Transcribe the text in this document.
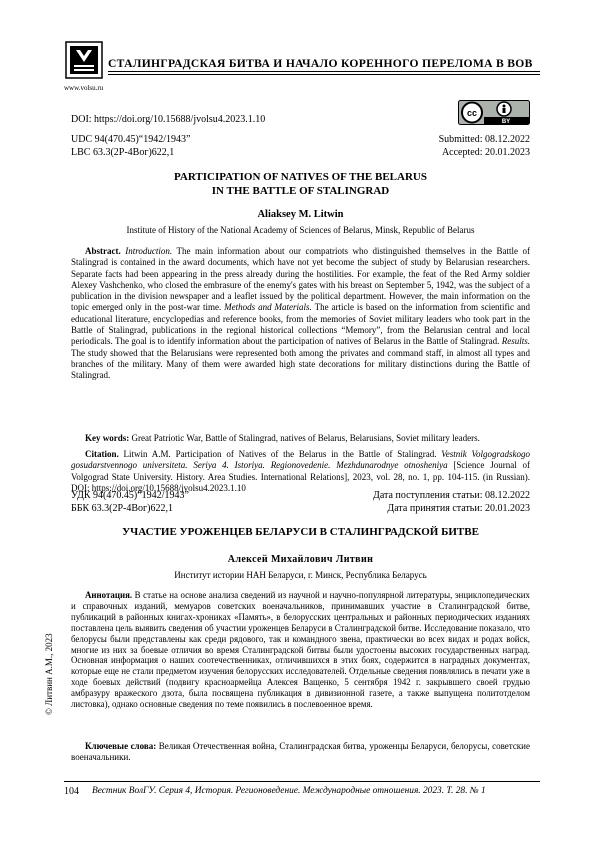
СТАЛИНГРАДСКАЯ БИТВА И НАЧАЛО КОРЕННОГО ПЕРЕЛОМА В ВОВ
www.volsu.ru
DOI: https://doi.org/10.15688/jvolsu4.2023.1.10
cc
BY
UDC 94(470.45)“1942/1943”
LBC 63.3(2Р-4Вог)622,1
Submitted: 08.12.2022
Accepted: 20.01.2023
PARTICIPATION OF NATIVES OF THE BELARUS
IN THE BATTLE OF STALINGRAD
Aliaksey M. Litwin
Institute of History of the National Academy of Sciences of Belarus, Minsk, Republic of Belarus
Abstract. Introduction. The main information about our compatriots who distinguished themselves in the Battle of Stalingrad is contained in the award documents, which have not yet become the subject of study by Belarusian researchers. Separate facts had been appearing in the press already during the hostilities. For example, the feat of the Red Army soldier Alexey Vashchenko, who closed the embrasure of the enemy's gates with his breast on September 5, 1942, was the subject of a publication in the division newspaper and a leaflet issued by the political department. However, the main information on the topic emerged only in the post-war time. Methods and Materials. The article is based on the information from scientific and educational literature, encyclopedias and reference books, from the memories of Soviet military leaders who took part in the Battle of Stalingrad, publications in the regional historical collections “Memory”, from the Belarusian central and local periodicals. The goal is to identify information about the participation of natives of Belarus in the Battle of Stalingrad. Results. The study showed that the Belarusians were represented both among the privates and command staff, in almost all types and branches of the military. Many of them were awarded high state decorations for military distinctions during the Battle of Stalingrad.
Key words: Great Patriotic War, Battle of Stalingrad, natives of Belarus, Belarusians, Soviet military leaders.
Citation. Litwin A.M. Participation of Natives of the Belarus in the Battle of Stalingrad. Vestnik Volgogradskogo gosudarstvennogo universiteta. Seriya 4. Istoriya. Regionovedenie. Mezhdunarodnye otnosheniya [Science Journal of Volgograd State University. History. Area Studies. International Relations], 2023, vol. 28, no. 1, pp. 104-115. (in Russian). DOI: https://doi.org/10.15688/jvolsu4.2023.1.10
УДК 94(470.45)“1942/1943”
ББК 63.3(2Р-4Вог)622,1
Дата поступления статьи: 08.12.2022
Дата принятия статьи: 20.01.2023
УЧАСТИЕ УРОЖЕНЦЕВ БЕЛАРУСИ В СТАЛИНГРАДСКОЙ БИТВЕ
Алексей Михайлович Литвин
Институт истории НАН Беларуси, г. Минск, Республика Беларусь
Аннотация. В статье на основе анализа сведений из научной и научно-популярной литературы, энциклопедических и справочных изданий, мемуаров советских военачальников, принимавших участие в Сталинградской битве, публикаций в районных книгах-хрониках «Память», в белорусских центральных и районных периодических изданиях поставлена цель выявить сведения об участии уроженцев Беларуси в Сталинградской битве. Исследование показало, что белорусы были представлены как среди рядового, так и командного звена, практически во всех видах и родах войск, многие из них за боевые отличия во время Сталинградской битвы были удостоены высоких государственных наград. Основная информация о наших соотечественниках, отличившихся в этих боях, содержится в наградных документах, которые еще не стали предметом изучения белорусских исследователей. Отдельные сведения появлялись в печати уже в ходе боевых действий (подвигу красноармейца Алексея Ващенко, 5 сентября 1942 г. закрывшего своей грудью амбразуру вражеского дзота, была посвящена публикация в дивизионной газете, а также выпущена политотделом листовка), однако основные сведения по теме появились в послевоенное время.
Ключевые слова: Великая Отечественная война, Сталинградская битва, уроженцы Беларуси, белорусы, советские военачальники.
© Литвин А.М., 2023
104 Вестник ВолГУ. Серия 4, История. Регионоведение. Международные отношения. 2023. Т. 28. № 1
